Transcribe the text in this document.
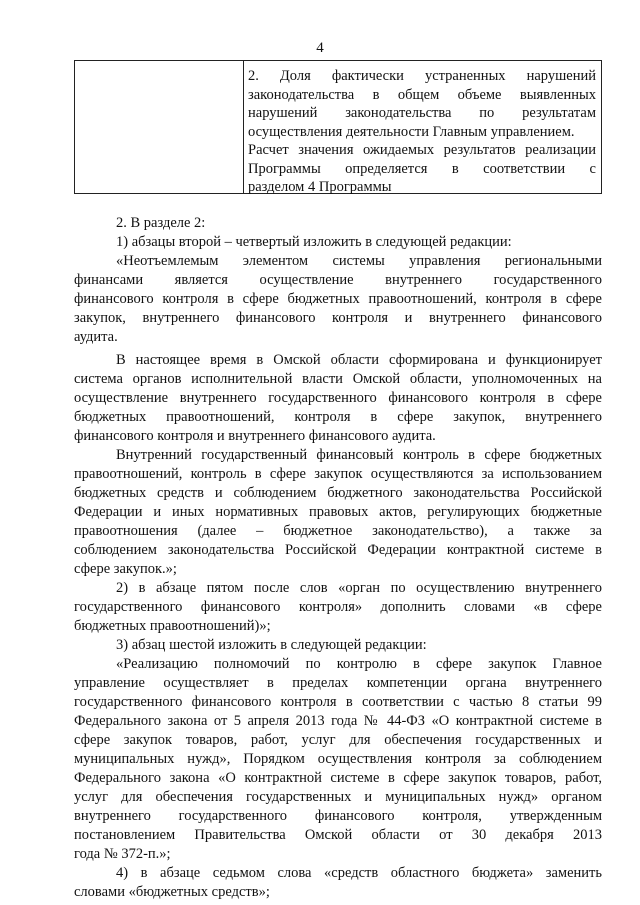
4
2. Доля фактически устраненных нарушений
законодательства в общем объеме выявленных
нарушений законодательства по результатам
осуществления деятельности Главным управлением.
Расчет значения ожидаемых результатов реализации
Программы определяется в соответствии с
разделом 4 Программы
2. В разделе 2:
1) абзацы второй – четвертый изложить в следующей редакции:
«Неотъемлемым элементом системы управления региональными
финансами является осуществление внутреннего государственного
финансового контроля в сфере бюджетных правоотношений, контроля в сфере
закупок, внутреннего финансового контроля и внутреннего финансового
аудита.
В настоящее время в Омской области сформирована и функционирует
система органов исполнительной власти Омской области, уполномоченных на
осуществление внутреннего государственного финансового контроля в сфере
бюджетных правоотношений, контроля в сфере закупок, внутреннего
финансового контроля и внутреннего финансового аудита.
Внутренний государственный финансовый контроль в сфере бюджетных
правоотношений, контроль в сфере закупок осуществляются за использованием
бюджетных средств и соблюдением бюджетного законодательства Российской
Федерации и иных нормативных правовых актов, регулирующих бюджетные
правоотношения (далее – бюджетное законодательство), а также за
соблюдением законодательства Российской Федерации контрактной системе в
сфере закупок.»;
2) в абзаце пятом после слов «орган по осуществлению внутреннего
государственного финансового контроля» дополнить словами «в сфере
бюджетных правоотношений)»;
3) абзац шестой изложить в следующей редакции:
«Реализацию полномочий по контролю в сфере закупок Главное
управление осуществляет в пределах компетенции органа внутреннего
государственного финансового контроля в соответствии с частью 8 статьи 99
Федерального закона от 5 апреля 2013 года № 44-ФЗ «О контрактной системе в
сфере закупок товаров, работ, услуг для обеспечения государственных и
муниципальных нужд», Порядком осуществления контроля за соблюдением
Федерального закона «О контрактной системе в сфере закупок товаров, работ,
услуг для обеспечения государственных и муниципальных нужд» органом
внутреннего государственного финансового контроля, утвержденным
постановлением Правительства Омской области от 30 декабря 2013
года № 372-п.»;
4) в абзаце седьмом слова «средств областного бюджета» заменить
словами «бюджетных средств»;
